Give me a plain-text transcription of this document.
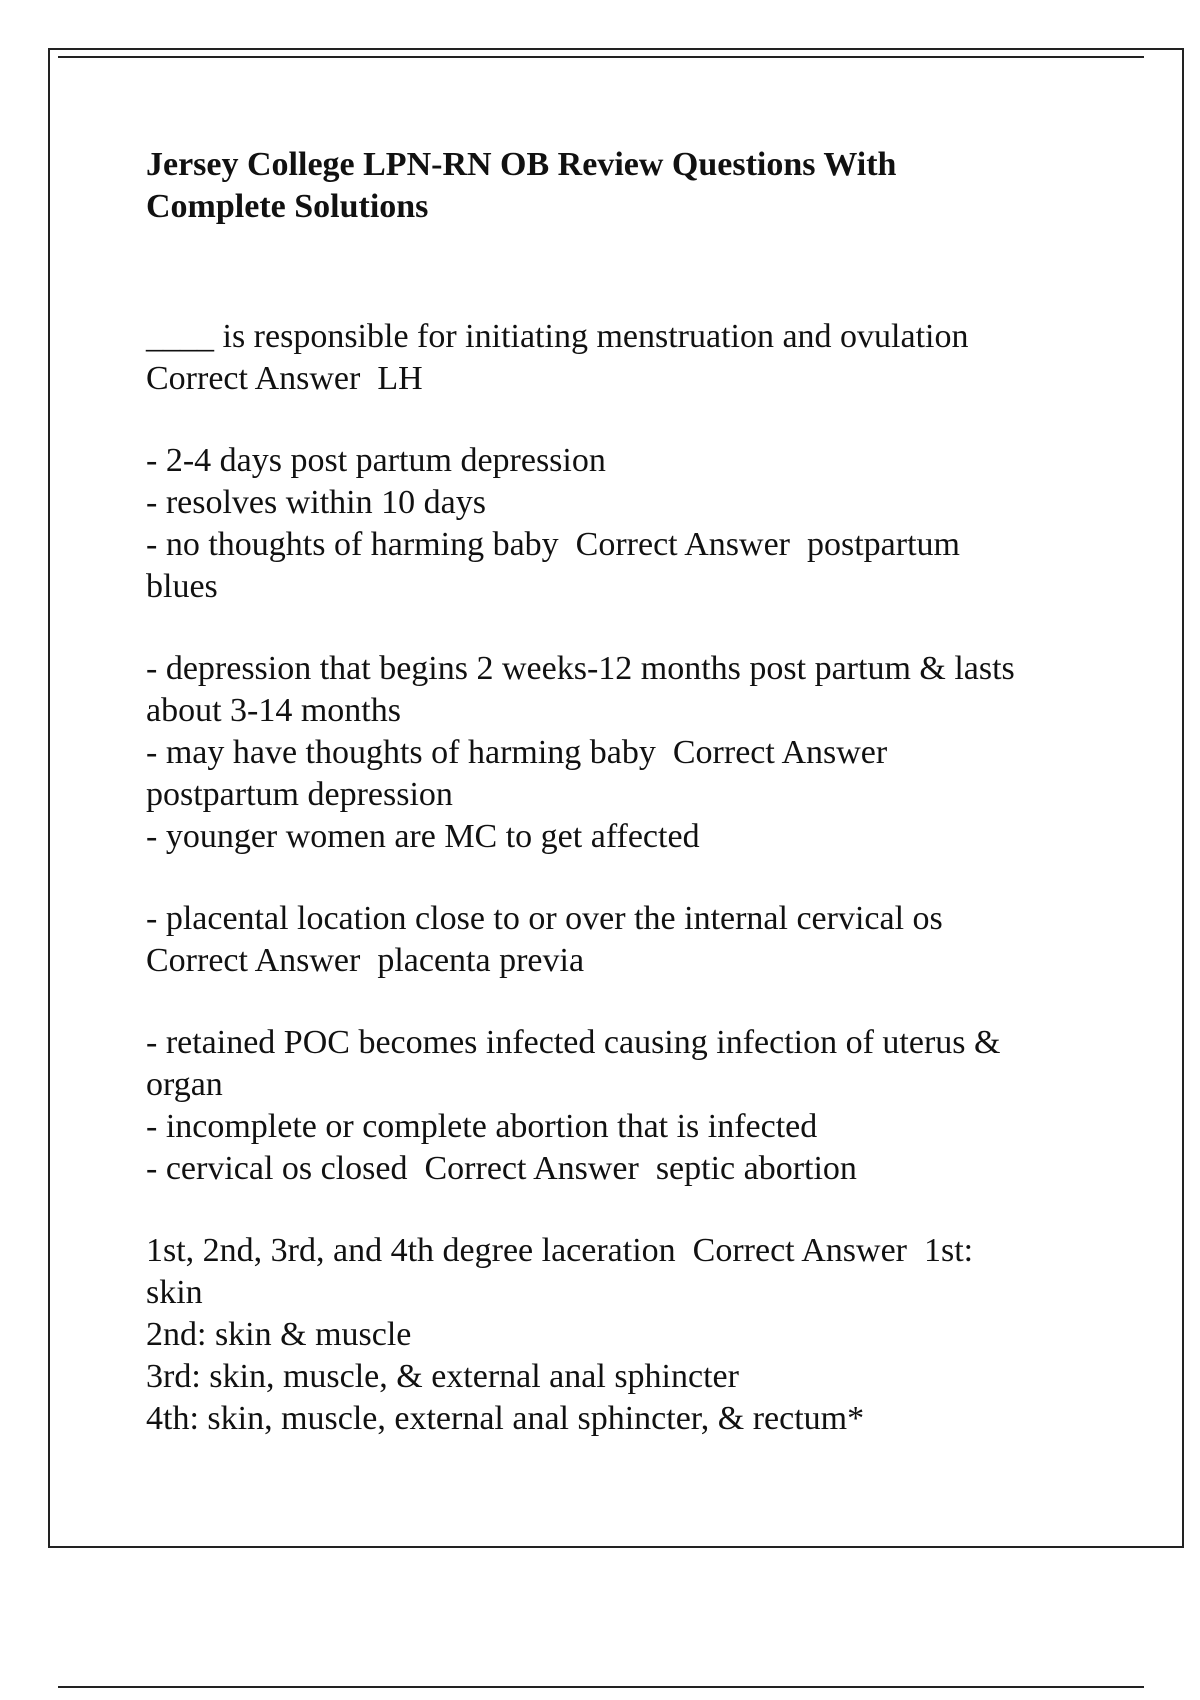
Jersey College LPN-RN OB Review Questions With Complete Solutions
____ is responsible for initiating menstruation and ovulation
Correct Answer  LH
- 2-4 days post partum depression
- resolves within 10 days
- no thoughts of harming baby  Correct Answer  postpartum
blues
- depression that begins 2 weeks-12 months post partum & lasts
about 3-14 months
- may have thoughts of harming baby  Correct Answer
postpartum depression
- younger women are MC to get affected
- placental location close to or over the internal cervical os
Correct Answer  placenta previa
- retained POC becomes infected causing infection of uterus &
organ
- incomplete or complete abortion that is infected
- cervical os closed  Correct Answer  septic abortion
1st, 2nd, 3rd, and 4th degree laceration  Correct Answer  1st:
skin
2nd: skin & muscle
3rd: skin, muscle, & external anal sphincter
4th: skin, muscle, external anal sphincter, & rectum*
